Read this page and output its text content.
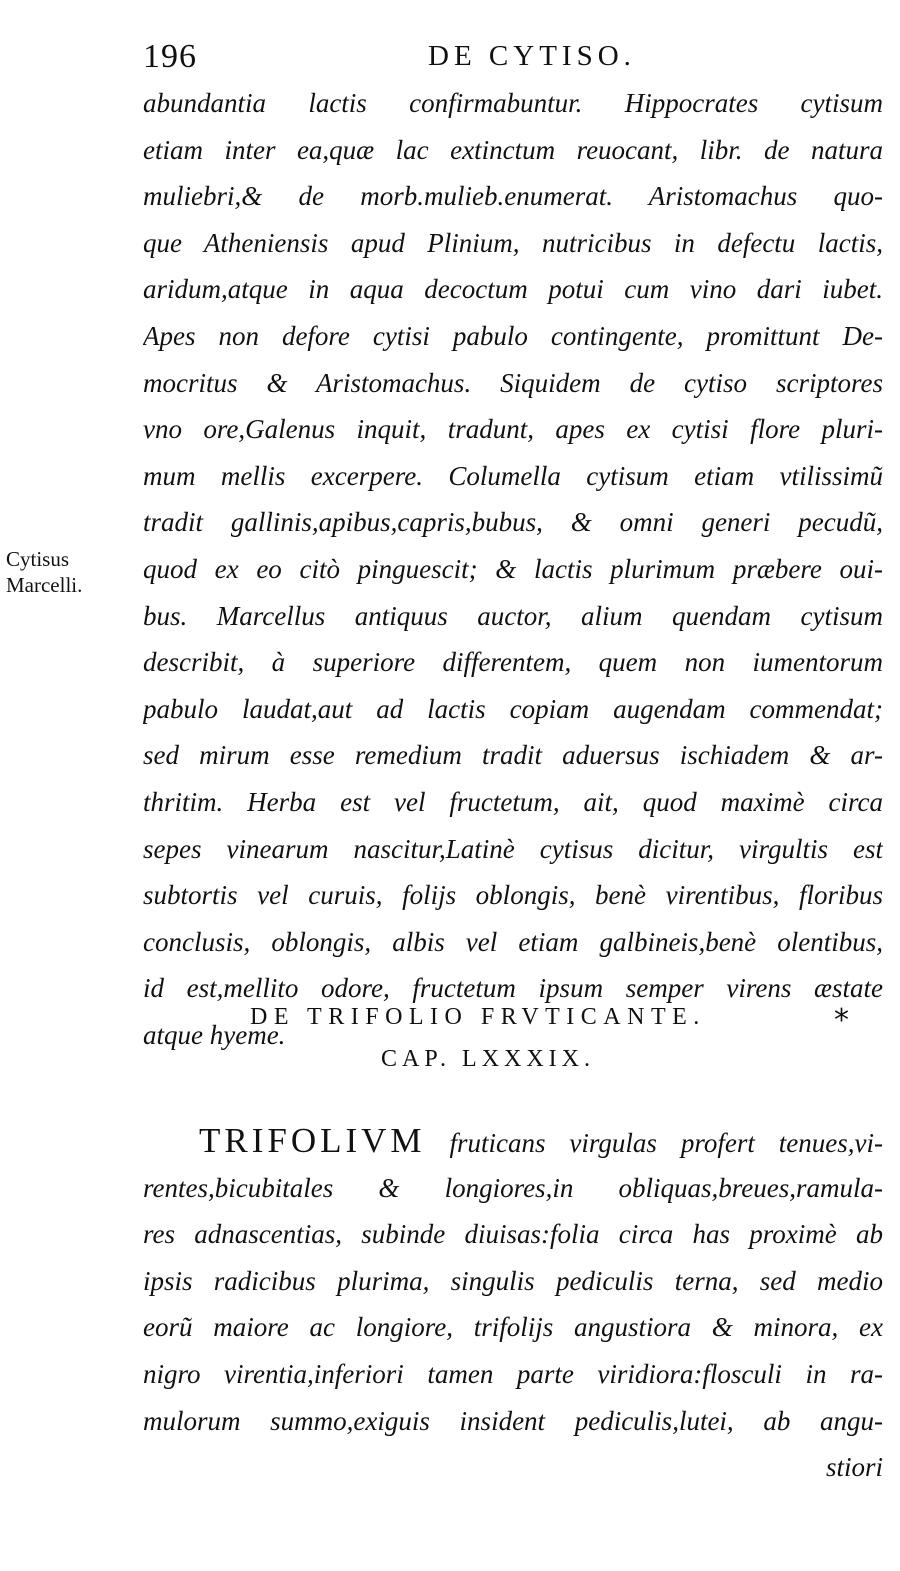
196	DE CYTISO.
abundantia lactis confirmabuntur. Hippocrates cytisum
etiam inter ea,quæ lac extinctum reuocant, libr. de natura
muliebri,& de morb.mulieb.enumerat. Aristomachus quo-
que Atheniensis apud Plinium, nutricibus in defectu lactis,
aridum,atque in aqua decoctum potui cum vino dari iubet.
Apes non defore cytisi pabulo contingente, promittunt De-
mocritus & Aristomachus. Siquidem de cytiso scriptores
vno ore,Galenus inquit, tradunt, apes ex cytisi flore pluri-
mum mellis excerpere. Columella cytisum etiam vtilissimũ
tradit gallinis,apibus,capris,bubus, & omni generi pecudũ,
quod ex eo citò pinguescit; & lactis plurimum præbere oui-
bus. Marcellus antiquus auctor, alium quendam cytisum
describit, à superiore differentem, quem non iumentorum
pabulo laudat,aut ad lactis copiam augendam commendat;
sed mirum esse remedium tradit aduersus ischiadem & ar-
thritim. Herba est vel fructetum, ait, quod maximè circa
sepes vinearum nascitur,Latinè cytisus dicitur, virgultis est
subtortis vel curuis, folijs oblongis, benè virentibus, floribus
conclusis, oblongis, albis vel etiam galbineis,benè olentibus,
id est,mellito odore, fructetum ipsum semper virens æstate
atque hyeme.
Cytisus
Marcelli.
DE TRIFOLIO FRVTICANTE.	*
CAP. LXXXIX.
TRIFOLIVM fruticans virgulas profert tenues,vi-
rentes,bicubitales & longiores,in obliquas,breues,ramula-
res adnascentias, subinde diuisas:folia circa has proximè ab
ipsis radicibus plurima, singulis pediculis terna, sed medio
eorũ maiore ac longiore, trifolijs angustiora & minora, ex
nigro virentia,inferiori tamen parte viridiora:flosculi in ra-
mulorum summo,exiguis insident pediculis,lutei, ab angu-
stiori
